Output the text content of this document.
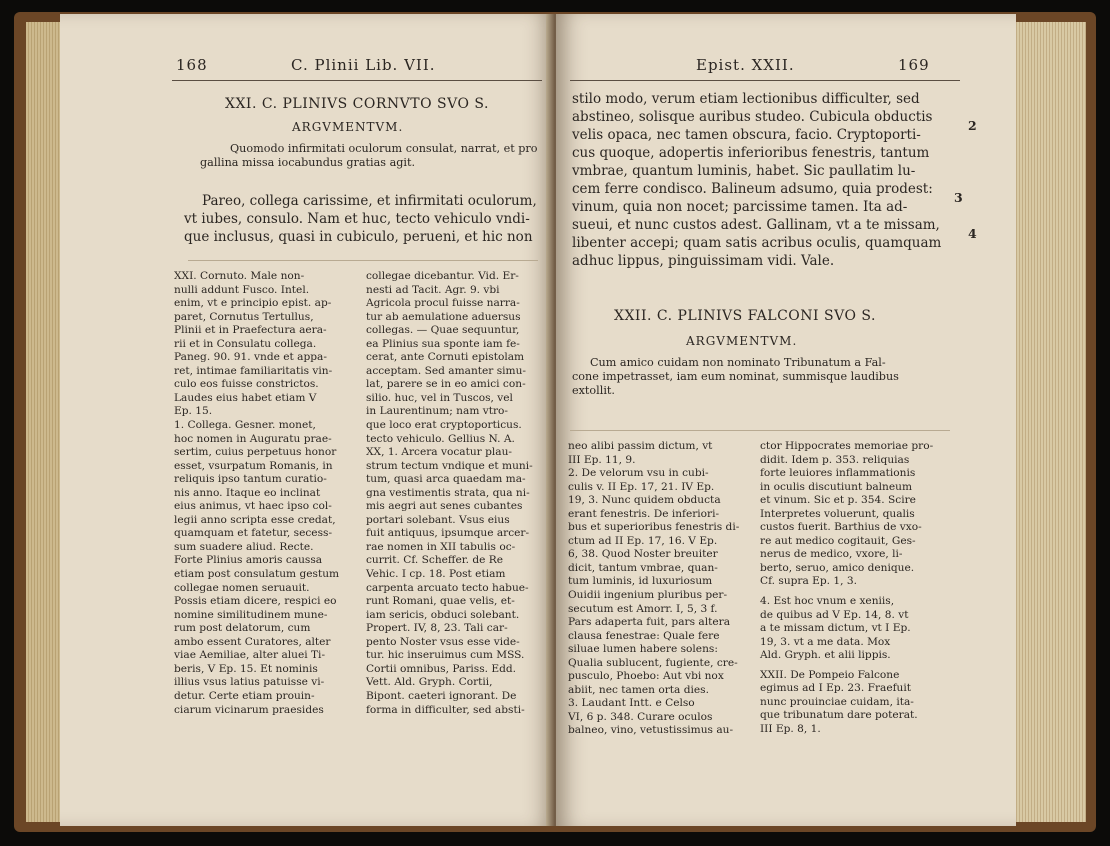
168	C. Plinii Lib. VII.
XXI. C. PLINIVS CORNVTO SVO S.
ARGVMENTVM.
Quomodo infirmitati oculorum consulat, narrat, et pro
gallina missa iocabundus gratias agit.
Pareo, collega carissime, et infirmitati oculorum,
vt iubes, consulo. Nam et huc, tecto vehiculo vndi-
que inclusus, quasi in cubiculo, perueni, et hic non
XXI. Cornuto. Male non-
nulli addunt Fusco. Intel.
enim, vt e principio epist. ap-
paret, Cornutus Tertullus,
Plinii et in Praefectura aera-
rii et in Consulatu collega.
Paneg. 90. 91. vnde et appa-
ret, intimae familiaritatis vin-
culo eos fuisse constrictos.
Laudes eius habet etiam V
Ep. 15.
1. Collega. Gesner. monet,
hoc nomen in Auguratu prae-
sertim, cuius perpetuus honor
esset, vsurpatum Romanis, in
reliquis ipso tantum curatio-
nis anno. Itaque eo inclinat
eius animus, vt haec ipso col-
legii anno scripta esse credat,
quamquam et fatetur, secess-
sum suadere aliud. Recte.
Forte Plinius amoris caussa
etiam post consulatum gestum
collegae nomen seruauit.
Possis etiam dicere, respici eo
nomine similitudinem mune-
rum post delatorum, cum
ambo essent Curatores, alter
viae Aemiliae, alter aluei Ti-
beris, V Ep. 15. Et nominis
illius vsus latius patuisse vi-
detur. Certe etiam prouin-
ciarum vicinarum praesides
collegae dicebantur. Vid. Er-
nesti ad Tacit. Agr. 9. vbi
Agricola procul fuisse narra-
tur ab aemulatione aduersus
collegas. — Quae sequuntur,
ea Plinius sua sponte iam fe-
cerat, ante Cornuti epistolam
acceptam. Sed amanter simu-
lat, parere se in eo amici con-
silio. huc, vel in Tuscos, vel
in Laurentinum; nam vtro-
que loco erat cryptoporticus.
tecto vehiculo. Gellius N. A.
XX, 1. Arcera vocatur plau-
strum tectum vndique et muni-
tum, quasi arca quaedam ma-
gna vestimentis strata, qua ni-
mis aegri aut senes cubantes
portari solebant. Vsus eius
fuit antiquus, ipsumque arcer-
rae nomen in XII tabulis oc-
currit. Cf. Scheffer. de Re
Vehic. I cp. 18. Post etiam
carpenta arcuato tecto habue-
runt Romani, quae velis, et-
iam sericis, obduci solebant.
Propert. IV, 8, 23. Tali car-
pento Noster vsus esse vide-
tur. hic inseruimus cum MSS.
Cortii omnibus, Pariss. Edd.
Vett. Ald. Gryph. Cortii,
Bipont. caeteri ignorant. De
forma in difficulter, sed absti-
Epist. XXII.	169
stilo modo, verum etiam lectionibus difficulter, sed
abstineo, solisque auribus studeo. Cubicula obductis
velis opaca, nec tamen obscura, facio. Cryptoporti-
cus quoque, adopertis inferioribus fenestris, tantum
vmbrae, quantum luminis, habet. Sic paullatim lu-
cem ferre condisco. Balineum adsumo, quia prodest:
vinum, quia non nocet; parcissime tamen. Ita ad-
sueui, et nunc custos adest. Gallinam, vt a te missam,
libenter accepi; quam satis acribus oculis, quamquam
adhuc lippus, pinguissimam vidi. Vale.
2
3
4
XXII. C. PLINIVS FALCONI SVO S.
ARGVMENTVM.
Cum amico cuidam non nominato Tribunatum a Fal-
cone impetrasset, iam eum nominat, summisque laudibus
extollit.
neo alibi passim dictum, vt
III Ep. 11, 9.
2. De velorum vsu in cubi-
culis v. II Ep. 17, 21. IV Ep.
19, 3. Nunc quidem obducta
erant fenestris. De inferiori-
bus et superioribus fenestris di-
ctum ad II Ep. 17, 16. V Ep.
6, 38. Quod Noster breuiter
dicit, tantum vmbrae, quan-
tum luminis, id luxuriosum
Ouidii ingenium pluribus per-
secutum est Amorr. I, 5, 3 f.
Pars adaperta fuit, pars altera
clausa fenestrae: Quale fere
siluae lumen habere solens:
Qualia sublucent, fugiente, cre-
pusculo, Phoebo: Aut vbi nox
abiit, nec tamen orta dies.
3. Laudant Intt. e Celso
VI, 6 p. 348. Curare oculos
balneo, vino, vetustissimus au-
ctor Hippocrates memoriae pro-
didit. Idem p. 353. reliquias
forte leuiores inflammationis
in oculis discutiunt balneum
et vinum. Sic et p. 354. Scire
Interpretes voluerunt, qualis
custos fuerit. Barthius de vxo-
re aut medico cogitauit, Ges-
nerus de medico, vxore, li-
berto, seruo, amico denique.
Cf. supra Ep. 1, 3.
4. Est hoc vnum e xeniis,
de quibus ad V Ep. 14, 8. vt
a te missam dictum, vt I Ep.
19, 3. vt a me data. Mox
Ald. Gryph. et alii lippis.
XXII. De Pompeio Falcone
egimus ad I Ep. 23. Fraefuit
nunc prouinciae cuidam, ita-
que tribunatum dare poterat.
III Ep. 8, 1.
